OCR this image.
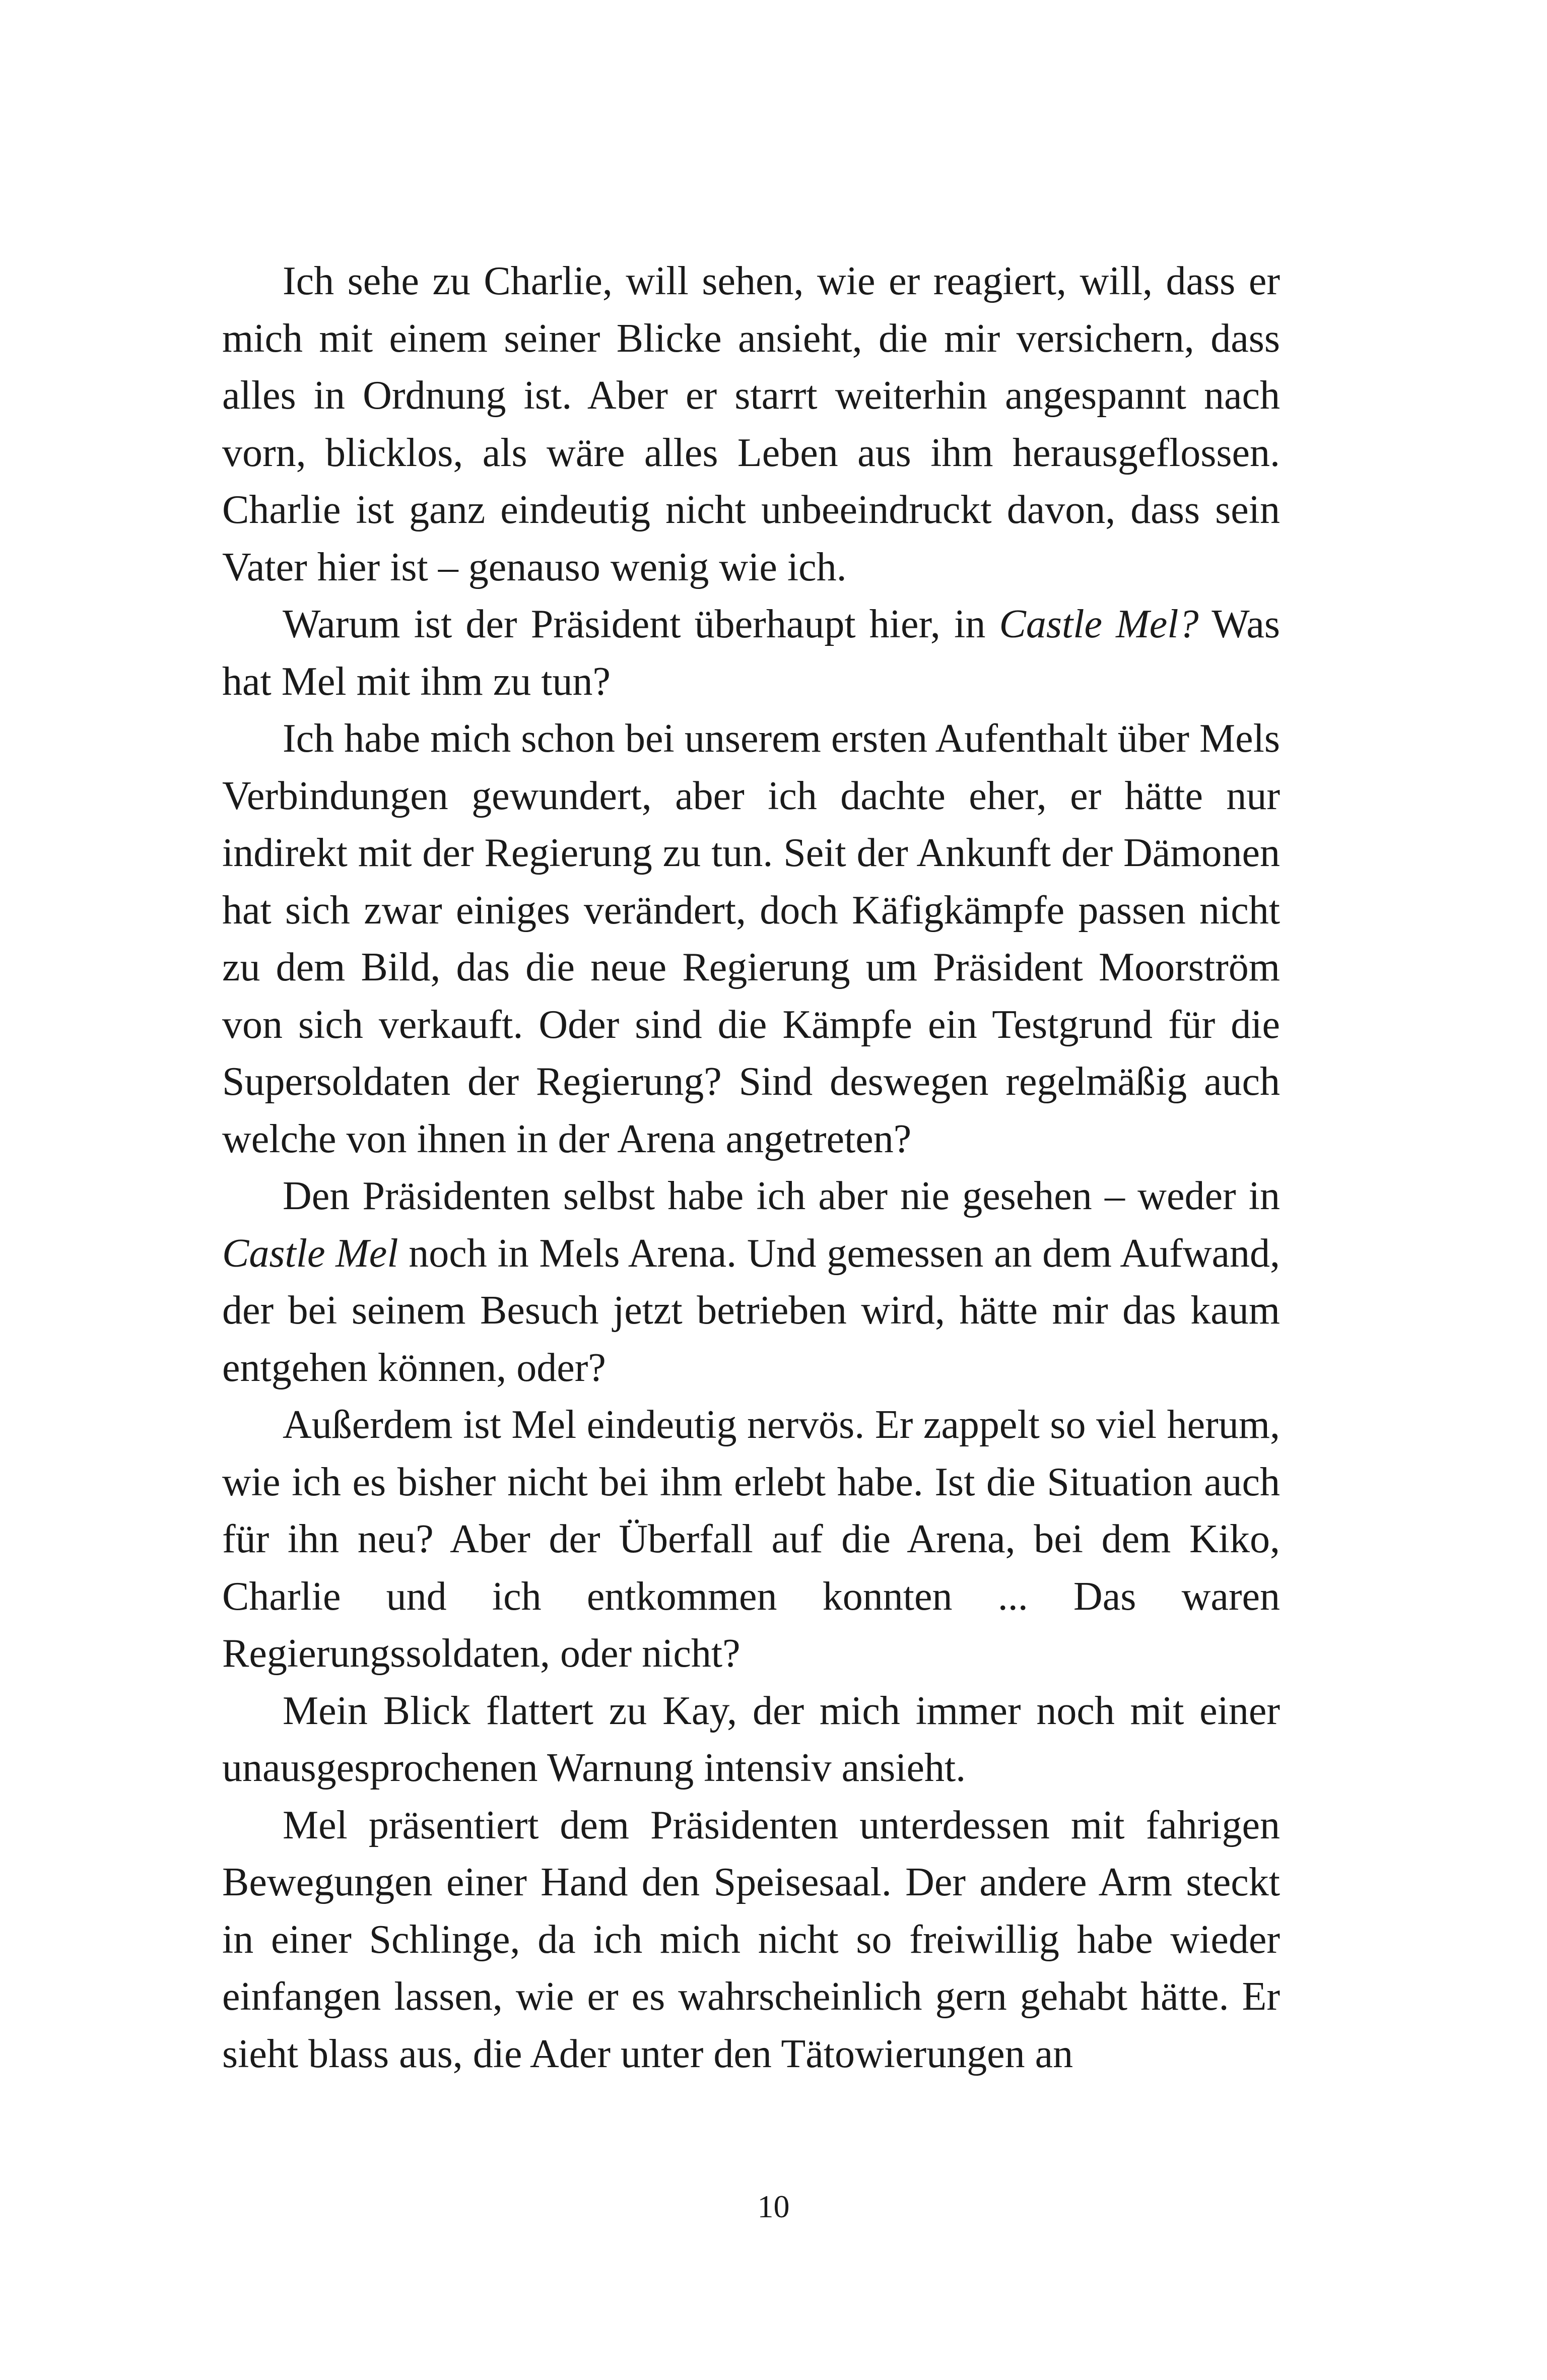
Ich sehe zu Charlie, will sehen, wie er reagiert, will, dass er mich mit einem seiner Blicke ansieht, die mir versichern, dass alles in Ordnung ist. Aber er starrt weiterhin angespannt nach vorn, blicklos, als wäre alles Leben aus ihm herausgeflossen. Charlie ist ganz eindeutig nicht unbeeindruckt davon, dass sein Vater hier ist – genauso wenig wie ich.

Warum ist der Präsident überhaupt hier, in Castle Mel? Was hat Mel mit ihm zu tun?

Ich habe mich schon bei unserem ersten Aufenthalt über Mels Verbindungen gewundert, aber ich dachte eher, er hätte nur indirekt mit der Regierung zu tun. Seit der Ankunft der Dämonen hat sich zwar einiges verändert, doch Käfigkämpfe passen nicht zu dem Bild, das die neue Regierung um Präsident Moorström von sich verkauft. Oder sind die Kämpfe ein Testgrund für die Supersoldaten der Regierung? Sind deswegen regelmäßig auch welche von ihnen in der Arena angetreten?

Den Präsidenten selbst habe ich aber nie gesehen – weder in Castle Mel noch in Mels Arena. Und gemessen an dem Aufwand, der bei seinem Besuch jetzt betrieben wird, hätte mir das kaum entgehen können, oder?

Außerdem ist Mel eindeutig nervös. Er zappelt so viel herum, wie ich es bisher nicht bei ihm erlebt habe. Ist die Situation auch für ihn neu? Aber der Überfall auf die Arena, bei dem Kiko, Charlie und ich entkommen konnten ... Das waren Regierungssoldaten, oder nicht?

Mein Blick flattert zu Kay, der mich immer noch mit einer unausgesprochenen Warnung intensiv ansieht.

Mel präsentiert dem Präsidenten unterdessen mit fahrigen Bewegungen einer Hand den Speisesaal. Der andere Arm steckt in einer Schlinge, da ich mich nicht so freiwillig habe wieder einfangen lassen, wie er es wahrscheinlich gern gehabt hätte. Er sieht blass aus, die Ader unter den Tätowierungen an

10
